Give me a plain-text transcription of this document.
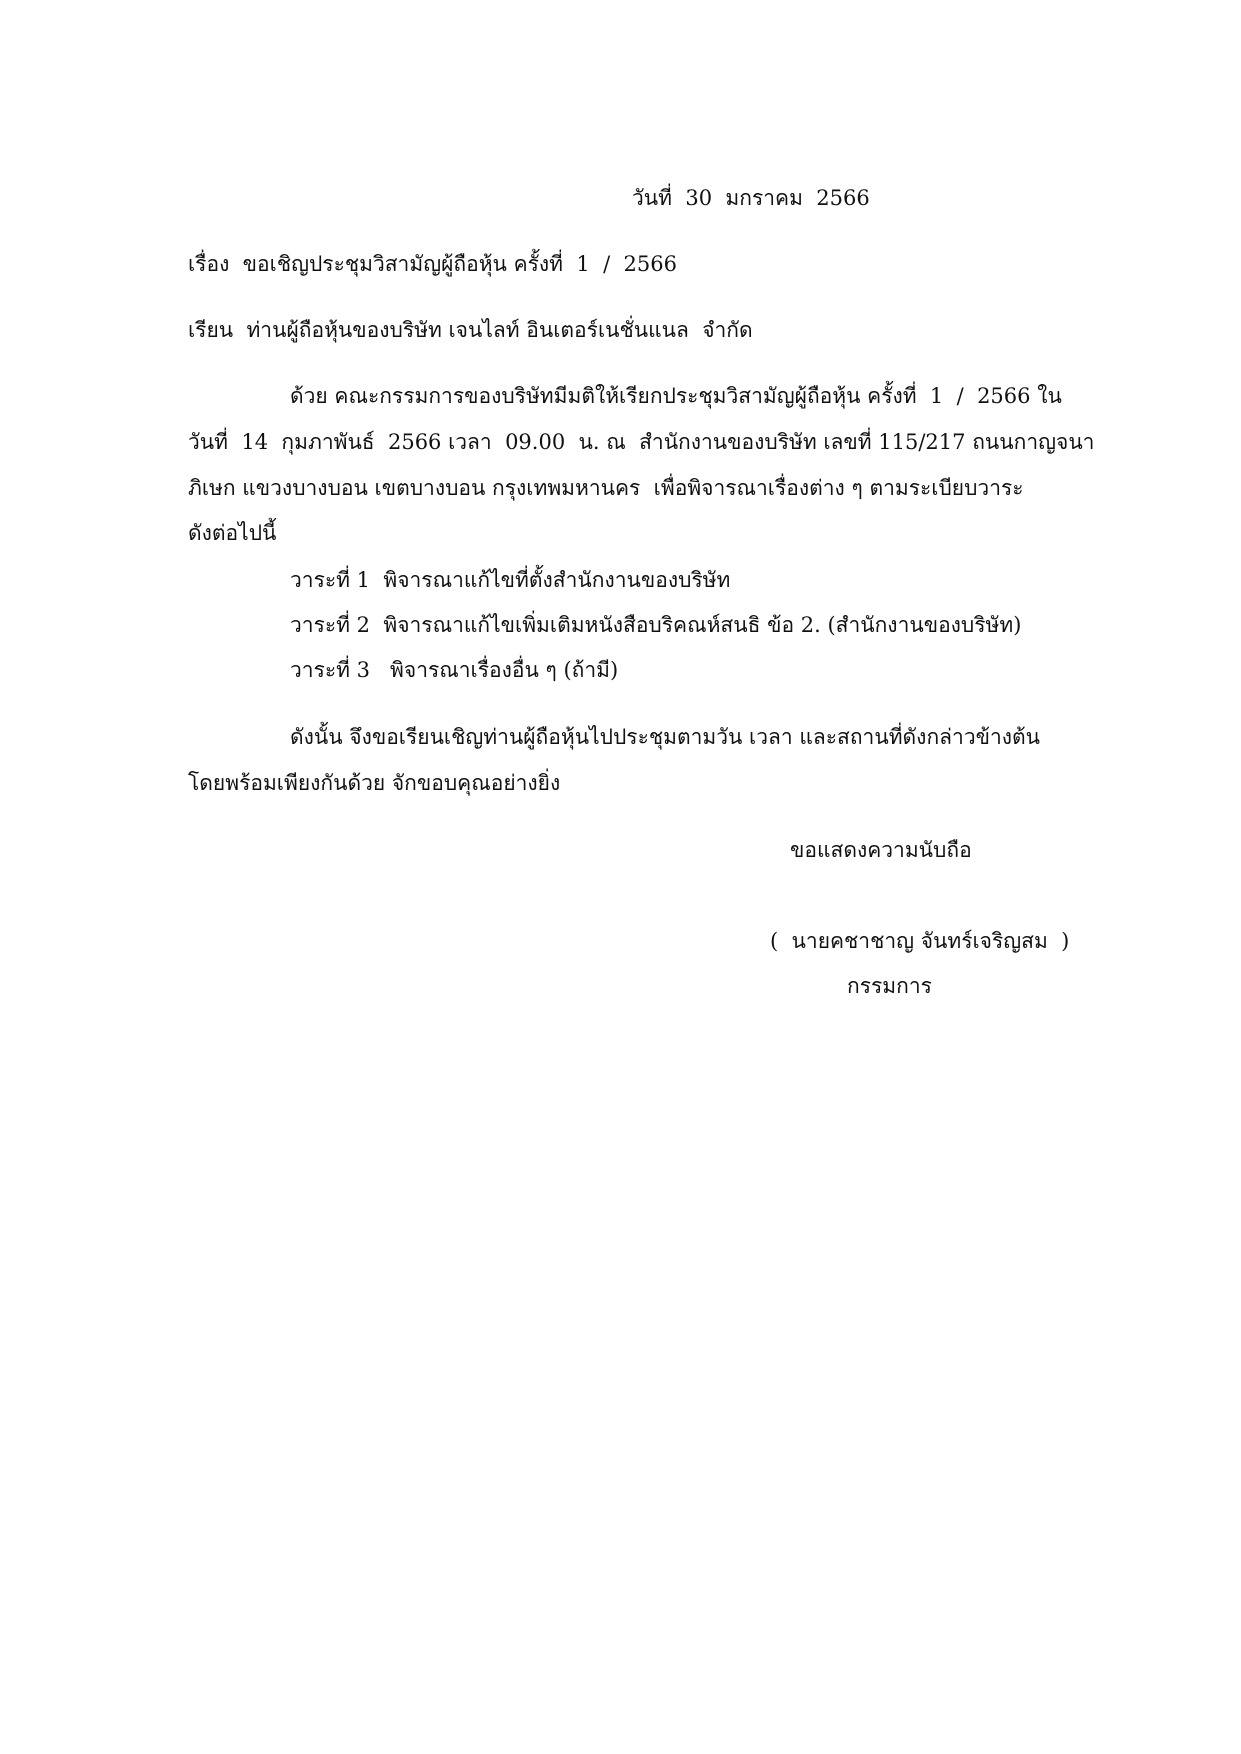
วันที่  30  มกราคม  2566
เรื่อง  ขอเชิญประชุมวิสามัญผู้ถือหุ้น ครั้งที่  1  /  2566
เรียน  ท่านผู้ถือหุ้นของบริษัท เจนไลท์ อินเตอร์เนชั่นแนล  จำกัด
ด้วย คณะกรรมการของบริษัทมีมติให้เรียกประชุมวิสามัญผู้ถือหุ้น ครั้งที่  1  /  2566 ใน
วันที่  14  กุมภาพันธ์  2566 เวลา  09.00  น. ณ  สำนักงานของบริษัท เลขที่ 115/217 ถนนกาญจนา
ภิเษก แขวงบางบอน เขตบางบอน กรุงเทพมหานคร  เพื่อพิจารณาเรื่องต่าง ๆ ตามระเบียบวาระ
ดังต่อไปนี้
วาระที่ 1  พิจารณาแก้ไขที่ตั้งสำนักงานของบริษัท
วาระที่ 2  พิจารณาแก้ไขเพิ่มเติมหนังสือบริคณห์สนธิ ข้อ 2. (สำนักงานของบริษัท)
วาระที่ 3   พิจารณาเรื่องอื่น ๆ (ถ้ามี)
ดังนั้น จึงขอเรียนเชิญท่านผู้ถือหุ้นไปประชุมตามวัน เวลา และสถานที่ดังกล่าวข้างต้น
โดยพร้อมเพียงกันด้วย จักขอบคุณอย่างยิ่ง
ขอแสดงความนับถือ
(  นายคชาชาญ จันทร์เจริญสม  )
กรรมการ
